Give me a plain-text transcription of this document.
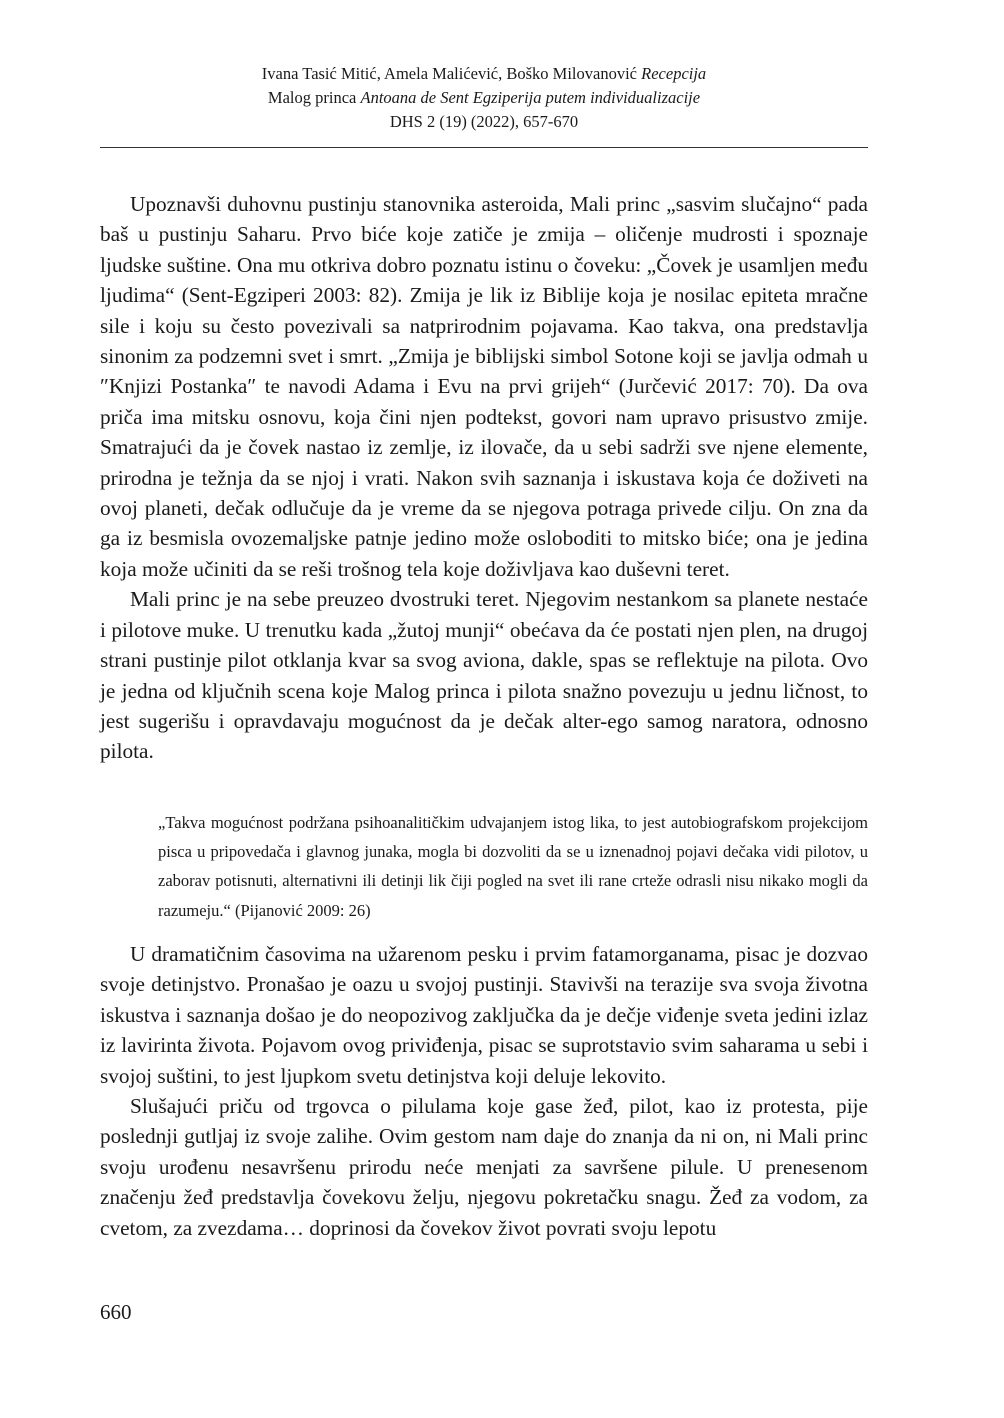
Ivana Tasić Mitić, Amela Malićević, Boško Milovanović Recepcija
Malog princa Antoana de Sent Egziperija putem individualizacije
DHS 2 (19) (2022), 657-670

Upoznavši duhovnu pustinju stanovnika asteroida, Mali princ „sasvim slučajno“ pada baš u pustinju Saharu. Prvo biće koje zatiče je zmija – oličenje mudrosti i spoznaje ljudske suštine. Ona mu otkriva dobro poznatu istinu o čoveku: „Čovek je usamljen među ljudima“ (Sent-Egziperi 2003: 82). Zmija je lik iz Biblije koja je nosilac epiteta mračne sile i koju su često povezivali sa natprirodnim pojavama. Kao takva, ona predstavlja sinonim za podzemni svet i smrt. „Zmija je biblijski simbol Sotone koji se javlja odmah u ″Knjizi Postanka″ te navodi Adama i Evu na prvi grijeh“ (Jurčević 2017: 70). Da ova priča ima mitsku osnovu, koja čini njen podtekst, govori nam upravo prisustvo zmije. Smatrajući da je čovek nastao iz zemlje, iz ilovače, da u sebi sadrži sve njene elemente, prirodna je težnja da se njoj i vrati. Nakon svih saznanja i iskustava koja će doživeti na ovoj planeti, dečak odlučuje da je vreme da se njegova potraga privede cilju. On zna da ga iz besmisla ovozemaljske patnje jedino može osloboditi to mitsko biće; ona je jedina koja može učiniti da se reši trošnog tela koje doživljava kao duševni teret.

Mali princ je na sebe preuzeo dvostruki teret. Njegovim nestankom sa planete nestaće i pilotove muke. U trenutku kada „žutoj munji“ obećava da će postati njen plen, na drugoj strani pustinje pilot otklanja kvar sa svog aviona, dakle, spas se reflektuje na pilota. Ovo je jedna od ključnih scena koje Malog princa i pilota snažno povezuju u jednu ličnost, to jest sugerišu i opravdavaju mogućnost da je dečak alter-ego samog naratora, odnosno pilota.

„Takva mogućnost podržana psihoanalitičkim udvajanjem istog lika, to jest autobiografskom projekcijom pisca u pripovedača i glavnog junaka, mogla bi dozvoliti da se u iznenadnoj pojavi dečaka vidi pilotov, u zaborav potisnuti, alternativni ili detinji lik čiji pogled na svet ili rane crteže odrasli nisu nikako mogli da razumeju.“ (Pijanović 2009: 26)

U dramatičnim časovima na užarenom pesku i prvim fatamorganama, pisac je dozvao svoje detinjstvo. Pronašao je oazu u svojoj pustinji. Stavivši na terazije sva svoja životna iskustva i saznanja došao je do neopozivog zaključka da je dečje viđenje sveta jedini izlaz iz lavirinta života. Pojavom ovog priviđenja, pisac se suprotstavio svim saharama u sebi i svojoj suštini, to jest ljupkom svetu detinjstva koji deluje lekovito.

Slušajući priču od trgovca o pilulama koje gase žeđ, pilot, kao iz protesta, pije poslednji gutljaj iz svoje zalihe. Ovim gestom nam daje do znanja da ni on, ni Mali princ svoju urođenu nesavršenu prirodu neće menjati za savršene pilule. U prenesenom značenju žeđ predstavlja čovekovu želju, njegovu pokretačku snagu. Žeđ za vodom, za cvetom, za zvezdama… doprinosi da čovekov život povrati svoju lepotu

660
